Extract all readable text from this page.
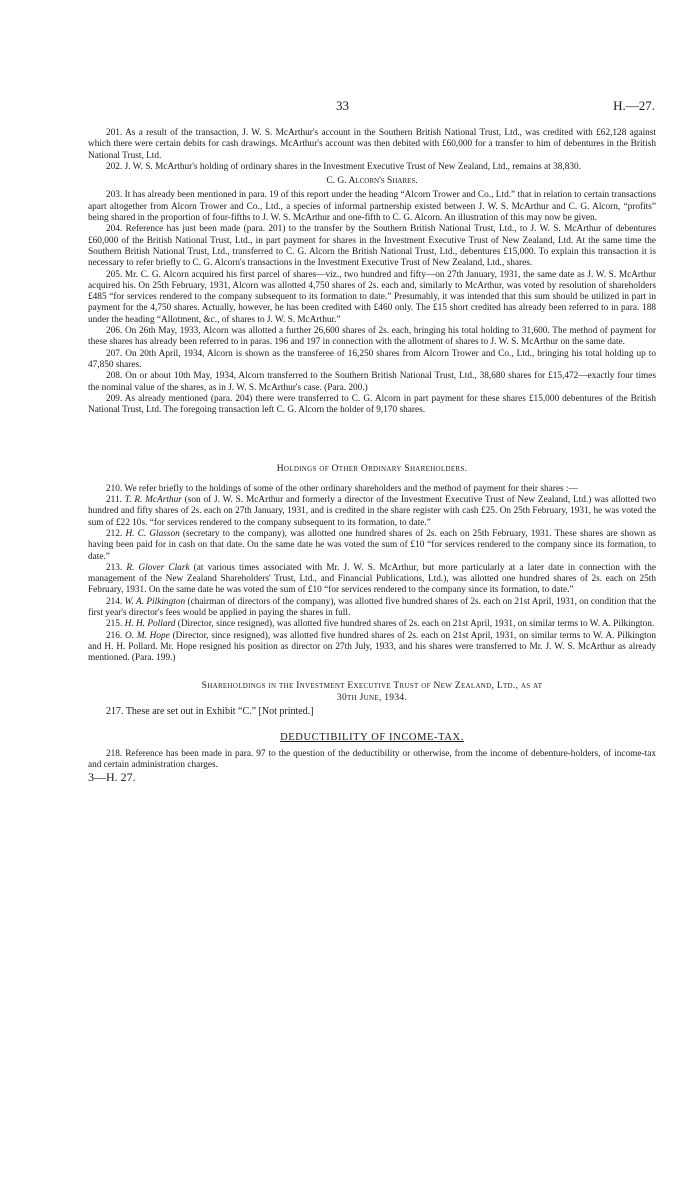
33	H.—27.

201. As a result of the transaction, J. W. S. McArthur's account in the Southern British National Trust, Ltd., was credited with £62,128 against which there were certain debits for cash drawings. McArthur's account was then debited with £60,000 for a transfer to him of debentures in the British National Trust, Ltd.

202. J. W. S. McArthur's holding of ordinary shares in the Investment Executive Trust of New Zealand, Ltd., remains at 38,830.

C. G. Alcorn's Shares.

203. It has already been mentioned in para. 19 of this report under the heading “Alcorn Trower and Co., Ltd.” that in relation to certain transactions apart altogether from Alcorn Trower and Co., Ltd., a species of informal partnership existed between J. W. S. McArthur and C. G. Alcorn, “profits” being shared in the proportion of four-fifths to J. W. S. McArthur and one-fifth to C. G. Alcorn. An illustration of this may now be given.

204. Reference has just been made (para. 201) to the transfer by the Southern British National Trust, Ltd., to J. W. S. McArthur of debentures £60,000 of the British National Trust, Ltd., in part payment for shares in the Investment Executive Trust of New Zealand, Ltd. At the same time the Southern British National Trust, Ltd., transferred to C. G. Alcorn the British National Trust, Ltd., debentures £15,000. To explain this transaction it is necessary to refer briefly to C. G. Alcorn's transactions in the Investment Executive Trust of New Zealand, Ltd., shares.

205. Mr. C. G. Alcorn acquired his first parcel of shares—viz., two hundred and fifty—on 27th January, 1931, the same date as J. W. S. McArthur acquired his. On 25th February, 1931, Alcorn was allotted 4,750 shares of 2s. each and, similarly to McArthur, was voted by resolution of shareholders £485 “for services rendered to the company subsequent to its formation to date.” Presumably, it was intended that this sum should be utilized in part in payment for the 4,750 shares. Actually, however, he has been credited with £460 only. The £15 short credited has already been referred to in para. 188 under the heading “Allotment, &c., of shares to J. W. S. McArthur.”

206. On 26th May, 1933, Alcorn was allotted a further 26,600 shares of 2s. each, bringing his total holding to 31,600. The method of payment for these shares has already been referred to in paras. 196 and 197 in connection with the allotment of shares to J. W. S. McArthur on the same date.

207. On 20th April, 1934, Alcorn is shown as the transferee of 16,250 shares from Alcorn Trower and Co., Ltd., bringing his total holding up to 47,850 shares.

208. On or about 10th May, 1934, Alcorn transferred to the Southern British National Trust, Ltd., 38,680 shares for £15,472—exactly four times the nominal value of the shares, as in J. W. S. McArthur's case. (Para. 200.)

209. As already mentioned (para. 204) there were transferred to C. G. Alcorn in part payment for these shares £15,000 debentures of the British National Trust, Ltd. The foregoing transaction left C. G. Alcorn the holder of 9,170 shares.

Holdings of Other Ordinary Shareholders.

210. We refer briefly to the holdings of some of the other ordinary shareholders and the method of payment for their shares :—

211. T. R. McArthur (son of J. W. S. McArthur and formerly a director of the Investment Executive Trust of New Zealand, Ltd.) was allotted two hundred and fifty shares of 2s. each on 27th January, 1931, and is credited in the share register with cash £25. On 25th February, 1931, he was voted the sum of £22 10s. “for services rendered to the company subsequent to its formation, to date.”

212. H. C. Glasson (secretary to the company), was allotted one hundred shares of 2s. each on 25th February, 1931. These shares are shown as having been paid for in cash on that date. On the same date he was voted the sum of £10 “for services rendered to the company since its formation, to date.”

213. R. Glover Clark (at various times associated with Mr. J. W. S. McArthur, but more particularly at a later date in connection with the management of the New Zealand Shareholders' Trust, Ltd., and Financial Publications, Ltd.), was allotted one hundred shares of 2s. each on 25th February, 1931. On the same date he was voted the sum of £10 “for services rendered to the company since its formation, to date.”

214. W. A. Pilkington (chairman of directors of the company), was allotted five hundred shares of 2s. each on 21st April, 1931, on condition that the first year's director's fees would be applied in paying the shares in full.

215. H. H. Pollard (Director, since resigned), was allotted five hundred shares of 2s. each on 21st April, 1931, on similar terms to W. A. Pilkington.

216. O. M. Hope (Director, since resigned), was allotted five hundred shares of 2s. each on 21st April, 1931, on similar terms to W. A. Pilkington and H. H. Pollard. Mr. Hope resigned his position as director on 27th July, 1933, and his shares were transferred to Mr. J. W. S. McArthur as already mentioned. (Para. 199.)

Shareholdings in the Investment Executive Trust of New Zealand, Ltd., as at
30th June, 1934.

217. These are set out in Exhibit “C.” [Not printed.]

DEDUCTIBILITY OF INCOME-TAX.

218. Reference has been made in para. 97 to the question of the deductibility or otherwise, from the income of debenture-holders, of income-tax and certain administration charges.

3—H. 27.
